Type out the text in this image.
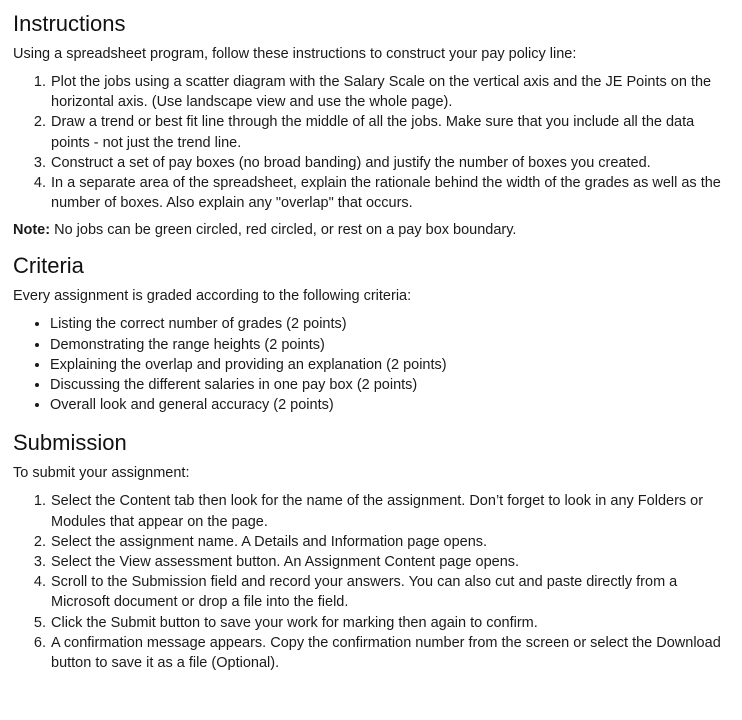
Instructions

Using a spreadsheet program, follow these instructions to construct your pay policy line:

1. Plot the jobs using a scatter diagram with the Salary Scale on the vertical axis and the JE Points on the horizontal axis. (Use landscape view and use the whole page).
2. Draw a trend or best fit line through the middle of all the jobs. Make sure that you include all the data points - not just the trend line.
3. Construct a set of pay boxes (no broad banding) and justify the number of boxes you created.
4. In a separate area of the spreadsheet, explain the rationale behind the width of the grades as well as the number of boxes. Also explain any "overlap" that occurs.
Note: No jobs can be green circled, red circled, or rest on a pay box boundary.
Criteria

Every assignment is graded according to the following criteria:

• Listing the correct number of grades (2 points)
• Demonstrating the range heights (2 points)
• Explaining the overlap and providing an explanation (2 points)
• Discussing the different salaries in one pay box (2 points)
• Overall look and general accuracy (2 points)
Submission

To submit your assignment:

1. Select the Content tab then look for the name of the assignment. Don’t forget to look in any Folders or Modules that appear on the page.
2. Select the assignment name. A Details and Information page opens.
3. Select the View assessment button. An Assignment Content page opens.
4. Scroll to the Submission field and record your answers. You can also cut and paste directly from a Microsoft document or drop a file into the field.
5. Click the Submit button to save your work for marking then again to confirm.
6. A confirmation message appears. Copy the confirmation number from the screen or select the Download button to save it as a file (Optional).
